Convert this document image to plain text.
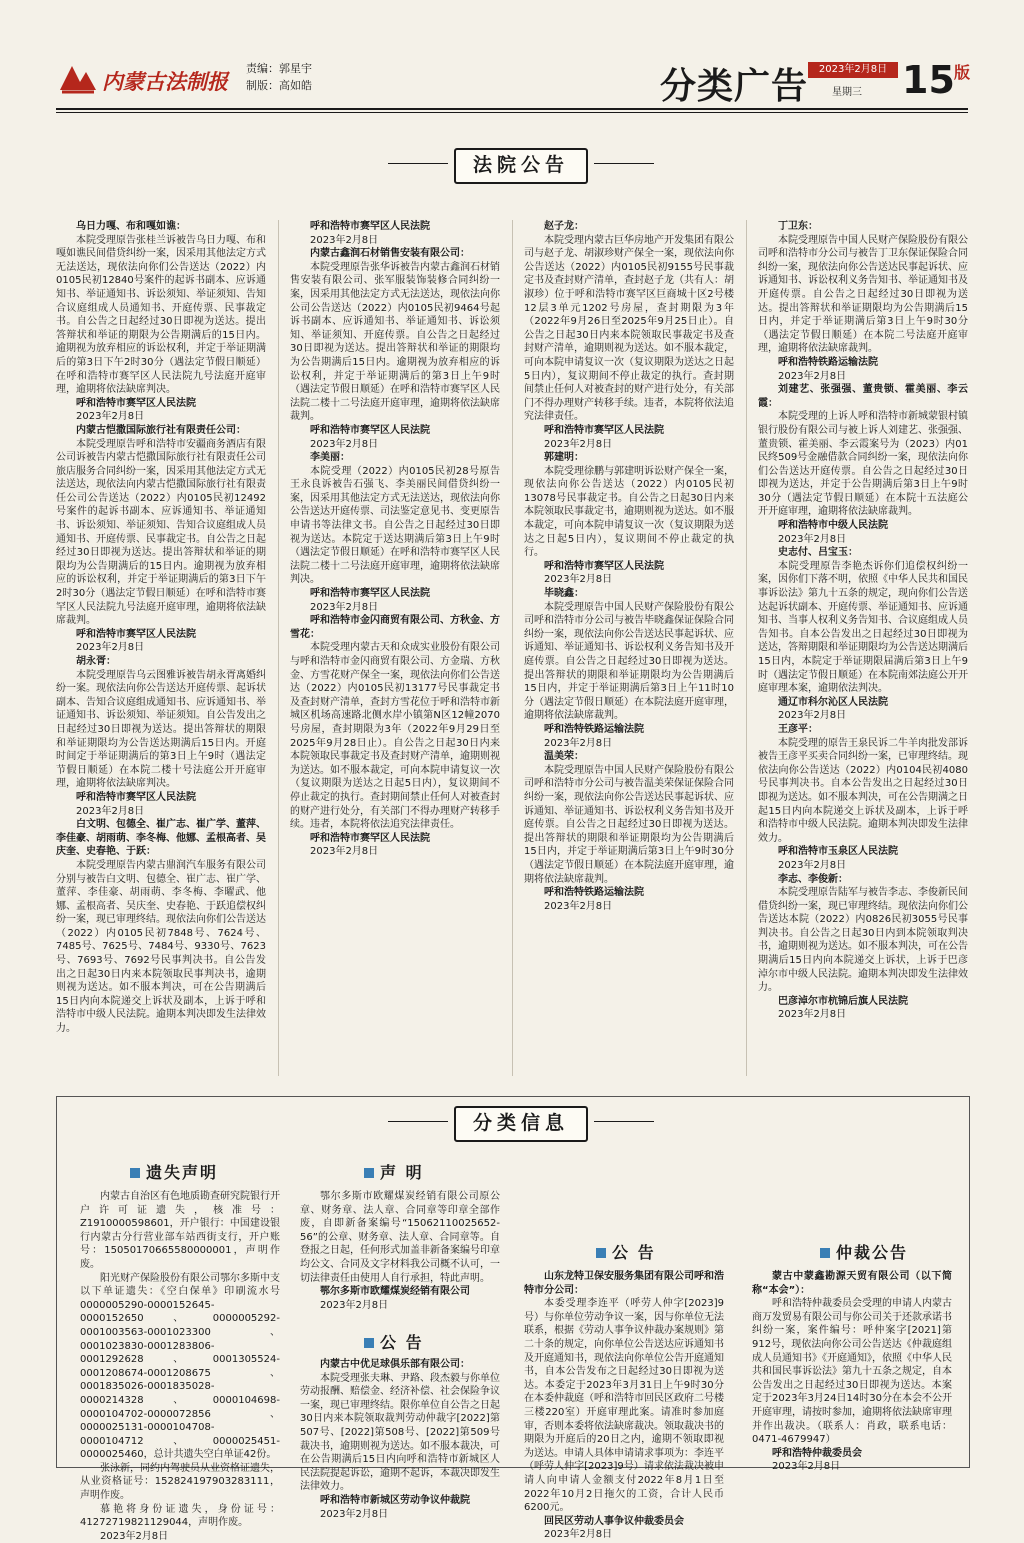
内蒙古法制报
责编：郭星宇
制版：高如皓	分类广告	2023年2月8日
星期三 15 版
法院公告

乌日力嘎、布和嘎如谯：

本院受理原告张桂兰诉被告乌日力嘎、布和嘎如谯民间借贷纠纷一案，因采用其他法定方式无法送达，现依法向你们公告送达（2022）内0105民初12840号案件的起诉书副本、应诉通知书、举证通知书、诉讼须知、举证须知、告知合议庭组成人员通知书、开庭传票、民事裁定书。自公告之日起经过30日即视为送达。提出答辩状和举证的期限为公告期满后的15日内。逾期视为放弃相应的诉讼权利，并定于举证期满后的第3日下午2时30分（遇法定节假日顺延）在呼和浩特市赛罕区人民法院九号法庭开庭审理，逾期将依法缺席判决。

呼和浩特市赛罕区人民法院

2023年2月8日

内蒙古恺撒国际旅行社有限责任公司：

本院受理原告呼和浩特市安疆商务酒店有限公司诉被告内蒙古恺撒国际旅行社有限责任公司旅店服务合同纠纷一案，因采用其他法定方式无法送达，现依法向内蒙古恺撒国际旅行社有限责任公司公告送达（2022）内0105民初12492号案件的起诉书副本、应诉通知书、举证通知书、诉讼须知、举证须知、告知合议庭组成人员通知书、开庭传票、民事裁定书。自公告之日起经过30日即视为送达。提出答辩状和举证的期限均为公告期满后的15日内。逾期视为放弃相应的诉讼权利，并定于举证期满后的第3日下午2时30分（遇法定节假日顺延）在呼和浩特市赛罕区人民法院九号法庭开庭审理，逾期将依法缺席裁判。

呼和浩特市赛罕区人民法院

2023年2月8日

胡永胥：

本院受理原告乌云图雅诉被告胡永胥离婚纠纷一案。现依法向你公告送达开庭传票、起诉状副本、告知合议庭组成通知书、应诉通知书、举证通知书、诉讼须知、举证须知。自公告发出之日起经过30日即视为送达。提出答辩状的期限和举证期限均为公告送达期满后15日内。开庭时间定于举证期满后的第3日上午9时（遇法定节假日顺延）在本院二楼十号法庭公开开庭审理，逾期将依法缺席判决。

呼和浩特市赛罕区人民法院

2023年2月8日

白文明、包德全、崔广志、崔广学、董萍、李佳豪、胡雨萌、李冬梅、他娜、孟根高者、吴庆奎、史春艳、于跃：

本院受理原告内蒙古鼎润汽车服务有限公司分别与被告白文明、包德全、崔广志、崔广学、董萍、李佳豪、胡雨萌、李冬梅、李曜武、他娜、孟根高者、吴庆奎、史春艳、于跃追偿权纠纷一案，现已审理终结。现依法向你们公告送达（2022）内0105民初7848号、7624号、7485号、7625号、7484号、9330号、7623号、7693号、7692号民事判决书。自公告发出之日起30日内来本院领取民事判决书，逾期则视为送达。如不服本判决，可在公告期满后15日内向本院递交上诉状及副本，上诉于呼和浩特市中级人民法院。逾期本判决即发生法律效力。

呼和浩特市赛罕区人民法院

2023年2月8日

内蒙古鑫润石材销售安装有限公司：

本院受理原告张华诉被告内蒙古鑫润石材销售安装有限公司、张军服装饰装修合同纠纷一案，因采用其他法定方式无法送达，现依法向你公司公告送达（2022）内0105民初9464号起诉书副本、应诉通知书、举证通知书、诉讼须知、举证须知、开庭传票。自公告之日起经过30日即视为送达。提出答辩状和举证的期限均为公告期满后15日内。逾期视为放弃相应的诉讼权利，并定于举证期满后的第3日上午9时（遇法定节假日顺延）在呼和浩特市赛罕区人民法院二楼十二号法庭开庭审理，逾期将依法缺席裁判。

呼和浩特市赛罕区人民法院

2023年2月8日

李美丽：

本院受理（2022）内0105民初28号原告王永良诉被告石强飞、李美丽民间借贷纠纷一案，因采用其他法定方式无法送达，现依法向你公告送达开庭传票、司法鉴定意见书、变更原告申请书等法律文书。自公告之日起经过30日即视为送达。本院定于送达期满后第3日上午9时（遇法定节假日顺延）在呼和浩特市赛罕区人民法院二楼十二号法庭开庭审理，逾期将依法缺席判决。

呼和浩特市赛罕区人民法院

2023年2月8日

呼和浩特市金闪商贸有限公司、方秋金、方雪花：

本院受理内蒙古天和众成实业股份有限公司与呼和浩特市金闪商贸有限公司、方金瑞、方秋金、方雪花财产保全一案，现依法向你们公告送达（2022）内0105民初13177号民事裁定书及查封财产清单，查封方雪花位于呼和浩特市新城区机场高速路北侧水岸小镇第N区12幢2070号房屋，查封期限为3年（2022年9月29日至2025年9月28日止）。自公告之日起30日内来本院领取民事裁定书及查封财产清单，逾期则视为送达。如不服本裁定，可向本院申请复议一次（复议期限为送达之日起5日内），复议期间不停止裁定的执行。查封期间禁止任何人对被查封的财产进行处分，有关部门不得办理财产转移手续。违者，本院将依法追究法律责任。

呼和浩特市赛罕区人民法院

2023年2月8日

赵子龙：

本院受理内蒙古巨华房地产开发集团有限公司与赵子龙、胡淑珍财产保全一案，现依法向你公告送达（2022）内0105民初9155号民事裁定书及查封财产清单，查封赵子龙（共有人：胡淑珍）位于呼和浩特市赛罕区巨商城十区2号楼12层3单元1202号房屋，查封期限为3年（2022年9月26日至2025年9月25日止）。自公告之日起30日内来本院领取民事裁定书及查封财产清单，逾期则视为送达。如不服本裁定，可向本院申请复议一次（复议期限为送达之日起5日内），复议期间不停止裁定的执行。查封期间禁止任何人对被查封的财产进行处分，有关部门不得办理财产转移手续。违者，本院将依法追究法律责任。

呼和浩特市赛罕区人民法院

2023年2月8日

郭建明：

本院受理徐鹏与郭建明诉讼财产保全一案，现依法向你公告送达（2022）内0105民初13078号民事裁定书。自公告之日起30日内来本院领取民事裁定书，逾期则视为送达。如不服本裁定，可向本院申请复议一次（复议期限为送达之日起5日内），复议期间不停止裁定的执行。

呼和浩特市赛罕区人民法院

2023年2月8日

毕晓鑫：

本院受理原告中国人民财产保险股份有限公司呼和浩特市分公司与被告毕晓鑫保证保险合同纠纷一案，现依法向你公告送达民事起诉状、应诉通知、举证通知书、诉讼权利义务告知书及开庭传票。自公告之日起经过30日即视为送达。提出答辩状的期限和举证期限均为公告期满后15日内，并定于举证期满后第3日上午11时10分（遇法定节假日顺延）在本院法庭开庭审理，逾期将依法缺席裁判。

呼和浩特铁路运输法院

2023年2月8日

温美荣：

本院受理原告中国人民财产保险股份有限公司呼和浩特市分公司与被告温美荣保证保险合同纠纷一案，现依法向你公告送达民事起诉状、应诉通知、举证通知书、诉讼权利义务告知书及开庭传票。自公告之日起经过30日即视为送达。提出答辩状的期限和举证期限均为公告期满后15日内，并定于举证期满后第3日上午9时30分（遇法定节假日顺延）在本院法庭开庭审理，逾期将依法缺席裁判。

呼和浩特铁路运输法院

2023年2月8日

丁卫东：

本院受理原告中国人民财产保险股份有限公司呼和浩特市分公司与被告丁卫东保证保险合同纠纷一案，现依法向你公告送达民事起诉状、应诉通知书、诉讼权利义务告知书、举证通知书及开庭传票。自公告之日起经过30日即视为送达。提出答辩状和举证期限均为公告期满后15日内，并定于举证期满后第3日上午9时30分（遇法定节假日顺延）在本院二号法庭开庭审理，逾期将依法缺席裁判。

呼和浩特铁路运输法院

2023年2月8日

刘建艺、张强强、董贵锁、霍美丽、李云霞：

本院受理的上诉人呼和浩特市新城蒙银村镇银行股份有限公司与被上诉人刘建艺、张强强、董贵锁、霍美丽、李云霞案号为（2023）内01民终509号金融借款合同纠纷一案，现依法向你们公告送达开庭传票。自公告之日起经过30日即视为送达，并定于公告期满后第3日上午9时30分（遇法定节假日顺延）在本院十五法庭公开开庭审理，逾期将依法缺席裁判。

呼和浩特市中级人民法院

2023年2月8日

史志付、吕宝玉：

本院受理原告李艳杰诉你们追偿权纠纷一案，因你们下落不明，依照《中华人民共和国民事诉讼法》第九十五条的规定，现向你们公告送达起诉状副本、开庭传票、举证通知书、应诉通知书、当事人权利义务告知书、合议庭组成人员告知书。自本公告发出之日起经过30日即视为送达，答辩期限和举证期限均为公告送达期满后15日内，本院定于举证期限届满后第3日上午9时（遇法定节假日顺延）在本院南郊法庭公开开庭审理本案，逾期依法判决。

通辽市科尔沁区人民法院

2023年2月8日

王彦平：

本院受理的原告王泉民诉二牛羊肉批发部诉被告王彦平买卖合同纠纷一案，已审理终结。现依法向你公告送达（2022）内0104民初4080号民事判决书。自本公告发出之日起经过30日即视为送达。如不服本判决，可在公告期满之日起15日内向本院递交上诉状及副本，上诉于呼和浩特市中级人民法院。逾期本判决即发生法律效力。

呼和浩特市玉泉区人民法院

2023年2月8日

李志、李俊新：

本院受理原告陆军与被告李志、李俊新民间借贷纠纷一案，现已审理终结。现依法向你们公告送达本院（2022）内0826民初3055号民事判决书。自公告之日起30日内到本院领取判决书，逾期则视为送达。如不服本判决，可在公告期满后15日内向本院递交上诉状，上诉于巴彦淖尔市中级人民法院。逾期本判决即发生法律效力。

巴彦淖尔市杭锦后旗人民法院

2023年2月8日

分类信息
遗失声明

内蒙古自治区有色地质勘查研究院银行开户许可证遗失，核准号：Z1910000598601，开户银行：中国建设银行内蒙古分行营业部车站西街支行，开户账号：15050170665580000001，声明作废。

阳光财产保险股份有限公司鄂尔多斯中支以下单证遗失：《空白保单》印刷流水号0000005290-0000152645-0000152650、0000005292-0001003563-0001023300、0001023830-0001283806-0001292628、0001305524-0001208674-0001208675、0001835026-0001835028-0000214328、0000104698-0000104702-0000072856、0000025131-0000104708-0000104712、0000025451-0000025460，总计共遗失空白单证42份。

张泳新，同约内驾驶员从业资格证遗失，从业资格证号：152824197903283111，声明作废。

慕艳将身份证遗失，身份证号：41272719821129044，声明作废。

2023年2月8日

声 明

鄂尔多斯市欧耀煤炭经销有限公司原公章、财务章、法人章、合同章等印章全部作废，自即新备案编号“1506211002565​2-56”的公章、财务章、法人章、合同章等。自登报之日起，任何形式加盖非新备案编号印章均公文、合同及文字材料我公司概不认可，一切法律责任由使用人自行承担，特此声明。

鄂尔多斯市欧耀煤炭经销有限公司

2023年2月8日

公 告

内蒙古中优足球俱乐部有限公司：

本院受理张夫琳、尹路、段杰毅与你单位劳动报酬、赔偿金、经济补偿、社会保险争议一案，现已审理终结。限你单位自公告之日起30日内来本院领取裁判劳动仲裁字[2022]第507号、[2022]第508号、[2022]第509号裁决书，逾期则视为送达。如不服本裁决，可在公告期满后15日内向呼和浩特市新城区人民法院提起诉讼，逾期不起诉，本裁决即发生法律效力。

呼和浩特市新城区劳动争议仲裁院

2023年2月8日

公 告

山东龙特卫保安服务集团有限公司呼和浩特市分公司：

本委受理李连平（呼劳人仲字[2023]9号）与你单位劳动争议一案，因与你单位无法联系，根据《劳动人事争议仲裁办案规则》第二十条的规定，向你单位公告送达应诉通知书及开庭通知书，现依法向你单位公告开庭通知书，自本公告发布之日起经过30日即视为送达。本委定于2023年3月31日上午9时30分在本委仲裁庭（呼和浩特市回民区政府二号楼三楼220室）开庭审理此案。请准时参加庭审，否则本委将依法缺席裁决。领取裁决书的期限为开庭后的20日之内，逾期不领取即视为送达。申请人具体申请请求事项为：李连平（呼劳人仲字[2023]9号）请求依法裁决被申请人向申请人金额支付2022年8月1日至2022年10月2日拖欠的工资，合计人民币6200元。

回民区劳动人事争议仲裁委员会

2023年2月8日

仲裁公告

蒙古中蒙鑫勘源天贸有限公司（以下简称“本会”）：

呼和浩特仲裁委员会受理的申请人内蒙古商万发贸易有限公司与你公司关于还款承诺书纠纷一案，案件编号：呼仲案字[2021]第912号，现依法向你公司公告送达《仲裁庭组成人员通知书》《开庭通知》，依照《中华人民共和国民事诉讼法》第九十五条之规定，自本公告发出之日起经过30日即视为送达。本案定于2023年3月24日14时30分在本会不公开开庭审理，请按时参加，逾期将依法缺席审理并作出裁决。（联系人：肖政，联系电话：0471-4679947）

呼和浩特仲裁委员会

2023年2月8日
